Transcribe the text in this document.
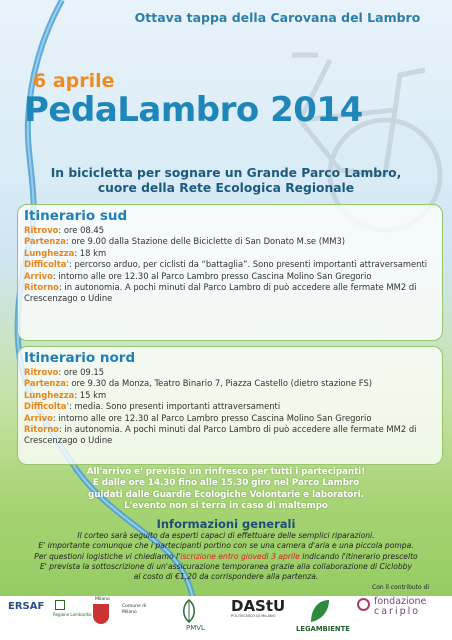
Ottava tappa della Carovana del Lambro
6 aprile
PedaLambro 2014
In bicicletta per sognare un Grande Parco Lambro,
cuore della Rete Ecologica Regionale
Itinerario sud
Ritrovo: ore 08.45
Partenza: ore 9.00 dalla Stazione delle Biciclette di San Donato M.se (MM3)
Lunghezza: 18 km
Difficolta': percorso arduo, per ciclisti da “battaglia”. Sono presenti importanti attraversamenti
Arrivo: intorno alle ore 12.30 al Parco Lambro presso Cascina Molino San Gregorio
Ritorno: in autonomia. A pochi minuti dal Parco Lambro di può accedere alle fermate MM2 di Crescenzago o Udine
Itinerario nord
Ritrovo: ore 09.15
Partenza: ore 9.30 da Monza, Teatro Binario 7, Piazza Castello (dietro stazione FS)
Lunghezza: 15 km
Difficolta': media. Sono presenti importanti attraversamenti
Arrivo: intorno alle ore 12.30 al Parco Lambro presso Cascina Molino San Gregorio
Ritorno: in autonomia. A pochi minuti dal Parco Lambro di può accedere alle fermate MM2 di Crescenzago o Udine
All'arrivo e' previsto un rinfresco per tutti i partecipanti!
E dalle ore 14.30 fino alle 15.30 giro nel Parco Lambro
guidati dalle Guardie Ecologiche Volontarie e laboratori.
L'evento non si terrà in caso di maltempo
Informazioni generali
Il corteo sarà seguito da esperti capaci di effettuare delle semplici riparazioni.
E' importante comunque che i partecipanti portino con se una camera d'aria e una piccola pompa.
Per questioni logistiche vi chiediamo l'iscrizione entro giovedì 3 aprile indicando l'itinerario prescelto
E' prevista la sottoscrizione di un'assicurazione temporanea grazie alla collaborazione di Ciclobby
al costo di €1,20 da corrispondere alla partenza.
Con il contributo di
ERSAF
Regione Lombardia
Milano
Comune di Milano
PMVL
DAStU
POLITECNICO DI MILANO
LEGAMBIENTE
fondazione
cariplo
